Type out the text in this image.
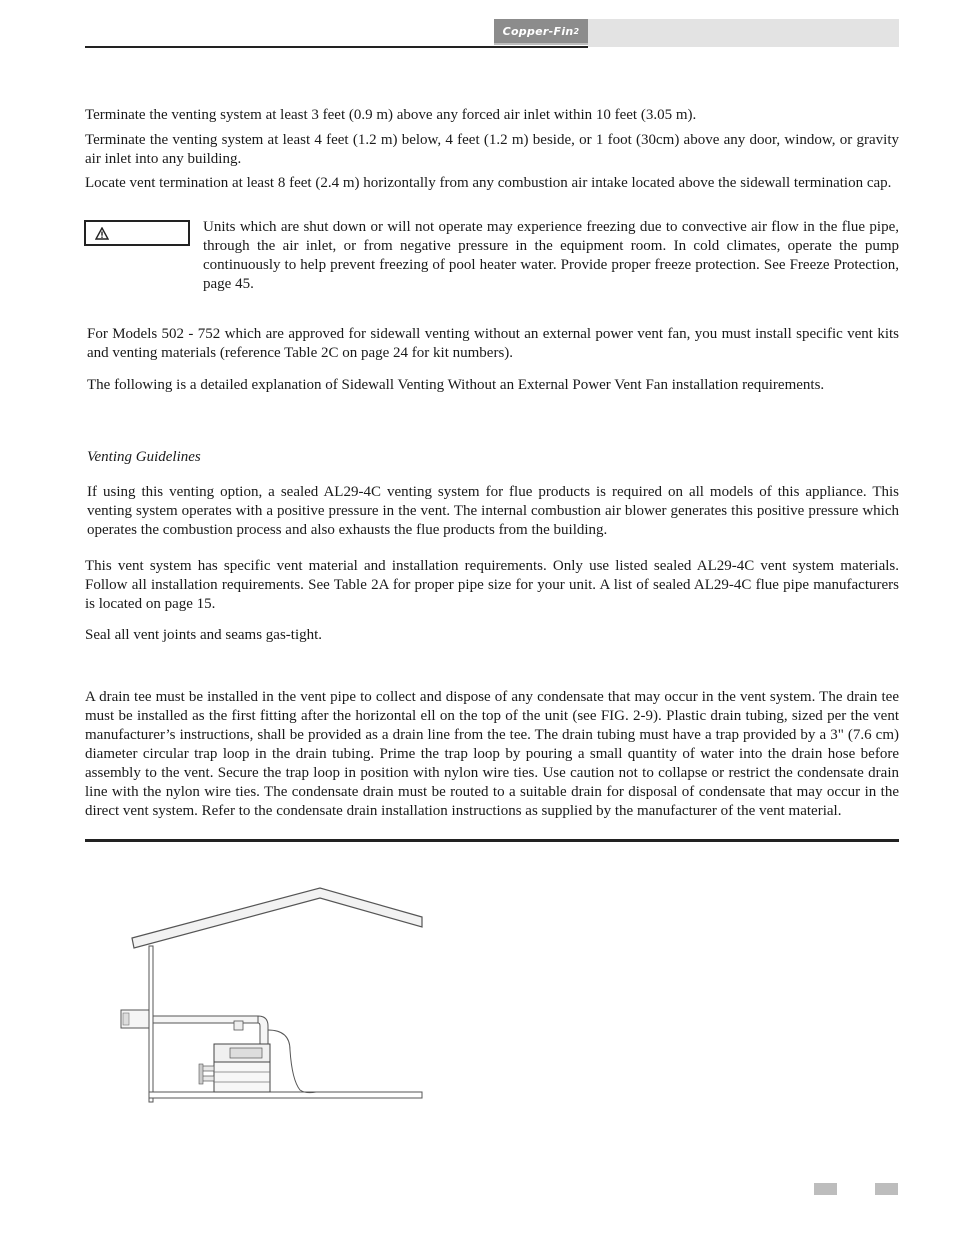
Copper-Fin 2

Terminate the venting system at least 3 feet (0.9 m) above any forced air inlet within 10 feet (3.05 m).

Terminate the venting system at least 4 feet (1.2 m) below, 4 feet (1.2 m) beside, or 1 foot (30cm) above any door, window, or gravity air inlet into any building.

Locate vent termination at least 8 feet (2.4 m) horizontally from any combustion air intake located above the sidewall termination cap.

Units which are shut down or will not operate may experience freezing due to convective air flow in the flue pipe, through the air inlet, or from negative pressure in the equipment room. In cold climates, operate the pump continuously to help prevent freezing of pool heater water. Provide proper freeze protection. See Freeze Protection, page 45.

For Models 502 - 752 which are approved for sidewall venting without an external power vent fan, you must install specific vent kits and venting materials (reference Table 2C on page 24 for kit numbers).

The following is a detailed explanation of Sidewall Venting Without an External Power Vent Fan installation requirements.

Venting Guidelines

If using this venting option, a sealed AL29-4C venting system for flue products is required on all models of this appliance. This venting system operates with a positive pressure in the vent. The internal combustion air blower generates this positive pressure which operates the combustion process and also exhausts the flue products from the building.

This vent system has specific vent material and installation requirements. Only use listed sealed AL29-4C vent system materials. Follow all installation requirements. See Table 2A for proper pipe size for your unit. A list of sealed AL29-4C flue pipe manufacturers is located on page 15.

Seal all vent joints and seams gas-tight.

A drain tee must be installed in the vent pipe to collect and dispose of any condensate that may occur in the vent system. The drain tee must be installed as the first fitting after the horizontal ell on the top of the unit (see FIG. 2-9). Plastic drain tubing, sized per the vent manufacturer’s instructions, shall be provided as a drain line from the tee. The drain tubing must have a trap provided by a 3" (7.6 cm) diameter circular trap loop in the drain tubing. Prime the trap loop by pouring a small quantity of water into the drain hose before assembly to the vent. Secure the trap loop in position with nylon wire ties. Use caution not to collapse or restrict the condensate drain line with the nylon wire ties. The condensate drain must be routed to a suitable drain for disposal of condensate that may occur in the direct vent system. Refer to the condensate drain installation instructions as supplied by the manufacturer of the vent material.
